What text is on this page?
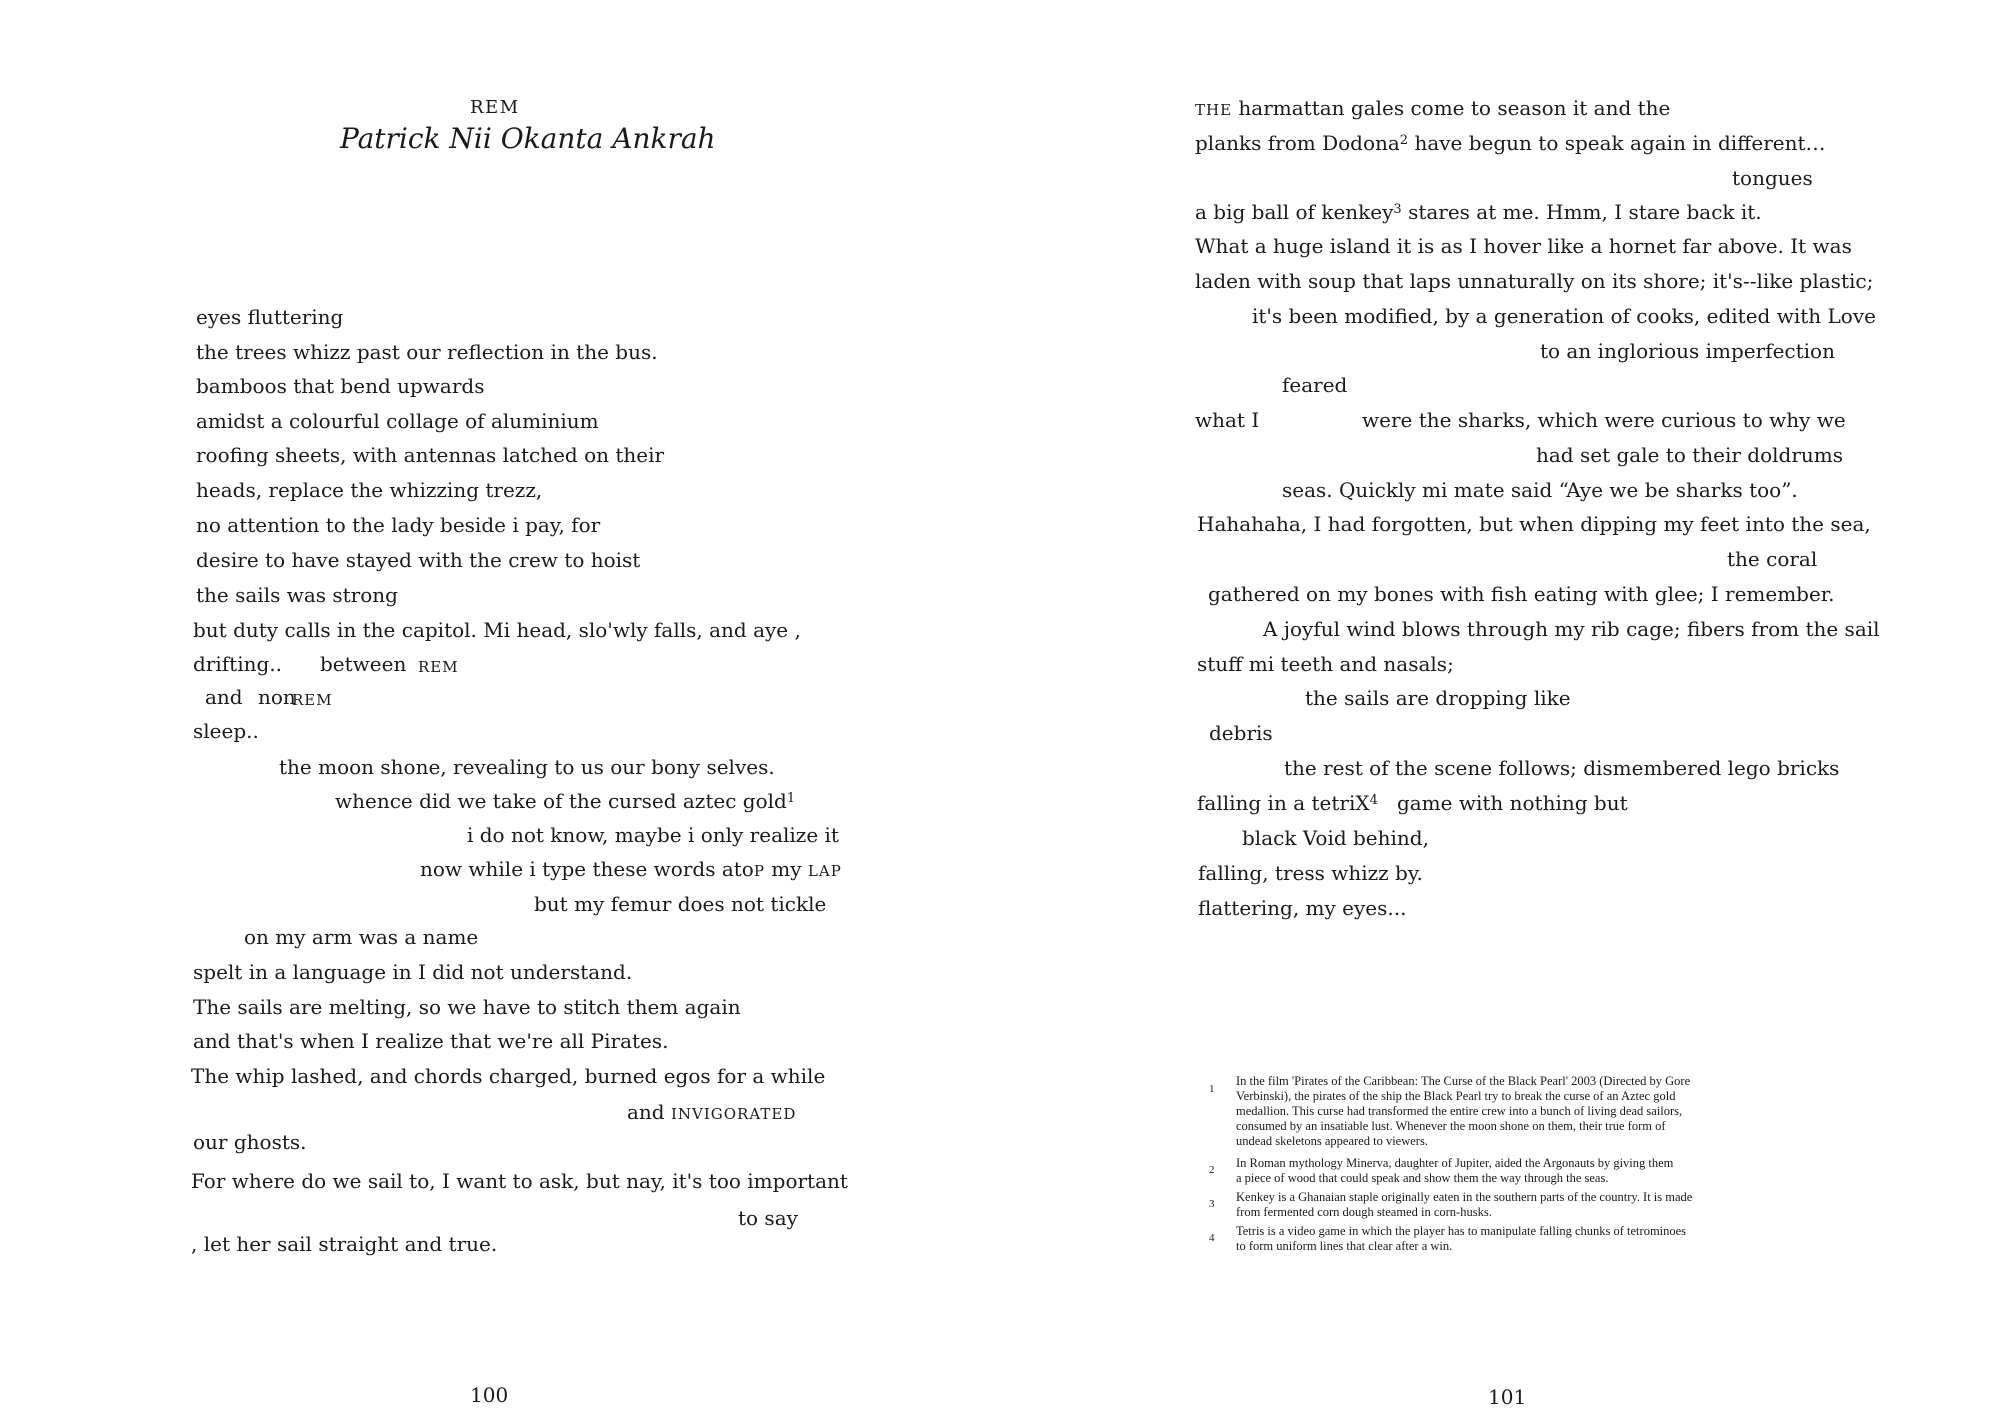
REM
Patrick Nii Okanta Ankrah
eyes fluttering
the trees whizz past our reflection in the bus.
bamboos that bend upwards
amidst a colourful collage of aluminium
roofing sheets, with antennas latched on their
heads, replace the whizzing trezz,
no attention to the lady beside i pay, for
desire to have stayed with the crew to hoist
the sails was strong
but duty calls in the capitol. Mi head, slo'wly falls, and aye ,
drifting.. between REM
and non
REM
sleep..
the moon shone, revealing to us our bony selves.
whence did we take of the cursed aztec gold$^1$
i do not know, maybe i only realize it
now while i type these words atoP my LAP
but my femur does not tickle
on my arm was a name
spelt in a language in I did not understand.
The sails are melting, so we have to stitch them again
and that's when I realize that we're all Pirates.
The whip lashed, and chords charged, burned egos for a while
and INVIGORATED
our ghosts.
For where do we sail to, I want to ask, but nay, it's too important
to say
, let her sail straight and true.
100
THE harmattan gales come to season it and the
planks from Dodona$^2$ have begun to speak again in different…
tongues
a big ball of kenkey$^3$ stares at me. Hmm, I stare back it.
What a huge island it is as I hover like a hornet far above. It was
laden with soup that laps unnaturally on its shore; it's--like plastic;
it's been modified, by a generation of cooks, edited with Love
to an inglorious imperfection
feared
what I	were the sharks, which were curious to why we
had set gale to their doldrums
seas. Quickly mi mate said “Aye we be sharks too”.
Hahahaha, I had forgotten, but when dipping my feet into the sea,
the coral
gathered on my bones with fish eating with glee; I remember.
A joyful wind blows through my rib cage; fibers from the sail
stuff mi teeth and nasals;
the sails are dropping like
debris
the rest of the scene follows; dismembered lego bricks
falling in a tetriX$^4$ game with nothing but
black Void behind,
falling, tress whizz by.
flattering, my eyes...
1
In the film 'Pirates of the Caribbean: The Curse of the Black Pearl' 2003 (Directed by Gore
Verbinski), the pirates of the ship the Black Pearl try to break the curse of an Aztec gold
medallion. This curse had transformed the entire crew into a bunch of living dead sailors,
consumed by an insatiable lust. Whenever the moon shone on them, their true form of
undead skeletons appeared to viewers.
2 In Roman mythology Minerva, daughter of Jupiter, aided the Argonauts by giving them
a piece of wood that could speak and show them the way through the seas.
3 Kenkey is a Ghanaian staple originally eaten in the southern parts of the country. It is made
from fermented corn dough steamed in corn-husks.
4 Tetris is a video game in which the player has to manipulate falling chunks of tetrominoes
to form uniform lines that clear after a win.
101
